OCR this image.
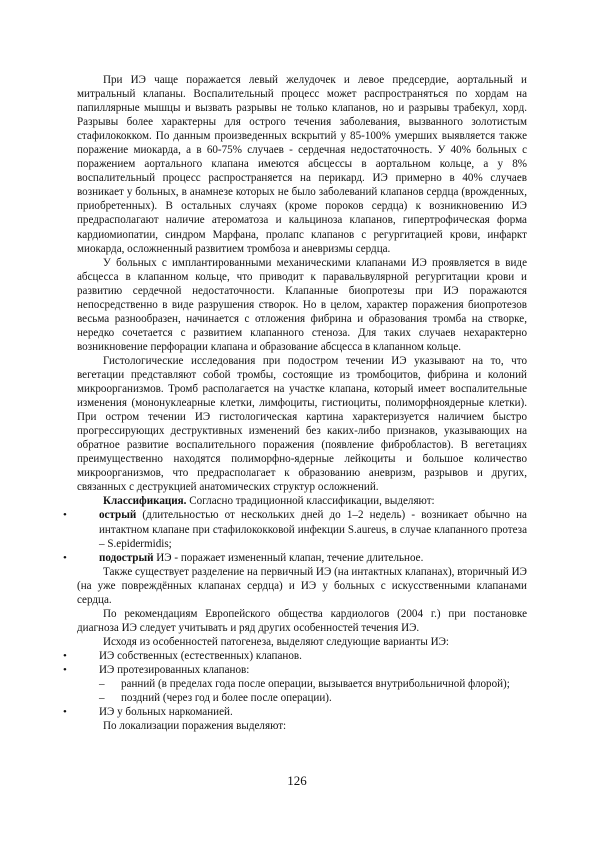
При ИЭ чаще поражается левый желудочек и левое предсердие, аортальный и митральный клапаны. Воспалительный процесс может распространяться по хордам на папиллярные мышцы и вызвать разрывы не только клапанов, но и разрывы трабекул, хорд. Разрывы более характерны для острого течения заболевания, вызванного золотистым стафилококком. По данным произведенных вскрытий у 85-100% умерших выявляется также поражение миокарда, а в 60-75% случаев - сердечная недостаточность. У 40% больных с поражением аортального клапана имеются абсцессы в аортальном кольце, а у 8% воспалительный процесс распространяется на перикард. ИЭ примерно в 40% случаев возникает у больных, в анамнезе которых не было заболеваний клапанов сердца (врожденных, приобретенных). В остальных случаях (кроме пороков сердца) к возникновению ИЭ предрасполагают наличие атероматоза и кальциноза клапанов, гипертрофическая форма кардиомиопатии, синдром Марфана, пролапс клапанов с регургитацией крови, инфаркт миокарда, осложненный развитием тромбоза и аневризмы сердца.

У больных с имплантированными механическими клапанами ИЭ проявляется в виде абсцесса в клапанном кольце, что приводит к паравальвулярной регургитации крови и развитию сердечной недостаточности. Клапанные биопротезы при ИЭ поражаются непосредственно в виде разрушения створок. Но в целом, характер поражения биопротезов весьма разнообразен, начинается с отложения фибрина и образования тромба на створке, нередко сочетается с развитием клапанного стеноза. Для таких случаев нехарактерно возникновение перфорации клапана и образование абсцесса в клапанном кольце.

Гистологические исследования при подостром течении ИЭ указывают на то, что вегетации представляют собой тромбы, состоящие из тромбоцитов, фибрина и колоний микроорганизмов. Тромб располагается на участке клапана, который имеет воспалительные изменения (мононуклеарные клетки, лимфоциты, гистиоциты, полиморфноядерные клетки). При остром течении ИЭ гистологическая картина характеризуется наличием быстро прогрессирующих деструктивных изменений без каких-либо признаков, указывающих на обратное развитие воспалительного поражения (появление фибробластов). В вегетациях преимущественно находятся полиморфно-ядерные лейкоциты и большое количество микроорганизмов, что предрасполагает к образованию аневризм, разрывов и других, связанных с деструкцией анатомических структур осложнений.

Классификация. Согласно традиционной классификации, выделяют:

•	острый (длительностью от нескольких дней до 1–2 недель) - возникает обычно на интактном клапане при стафилококковой инфекции S.aureus, в случае клапанного протеза – S.epidermidis;
•	подострый ИЭ - поражает измененный клапан, течение длительное.

Также существует разделение на первичный ИЭ (на интактных клапанах), вторичный ИЭ (на уже повреждённых клапанах сердца) и ИЭ у больных с искусственными клапанами сердца.

По рекомендациям Европейского общества кардиологов (2004 г.) при постановке диагноза ИЭ следует учитывать и ряд других особенностей течения ИЭ.

Исходя из особенностей патогенеза, выделяют следующие варианты ИЭ:

•	ИЭ собственных (естественных) клапанов.
•	ИЭ протезированных клапанов:
– ранний (в пределах года после операции, вызывается внутрибольничной флорой);
– поздний (через год и более после операции).
•	ИЭ у больных наркоманией.

По локализации поражения выделяют:

126
